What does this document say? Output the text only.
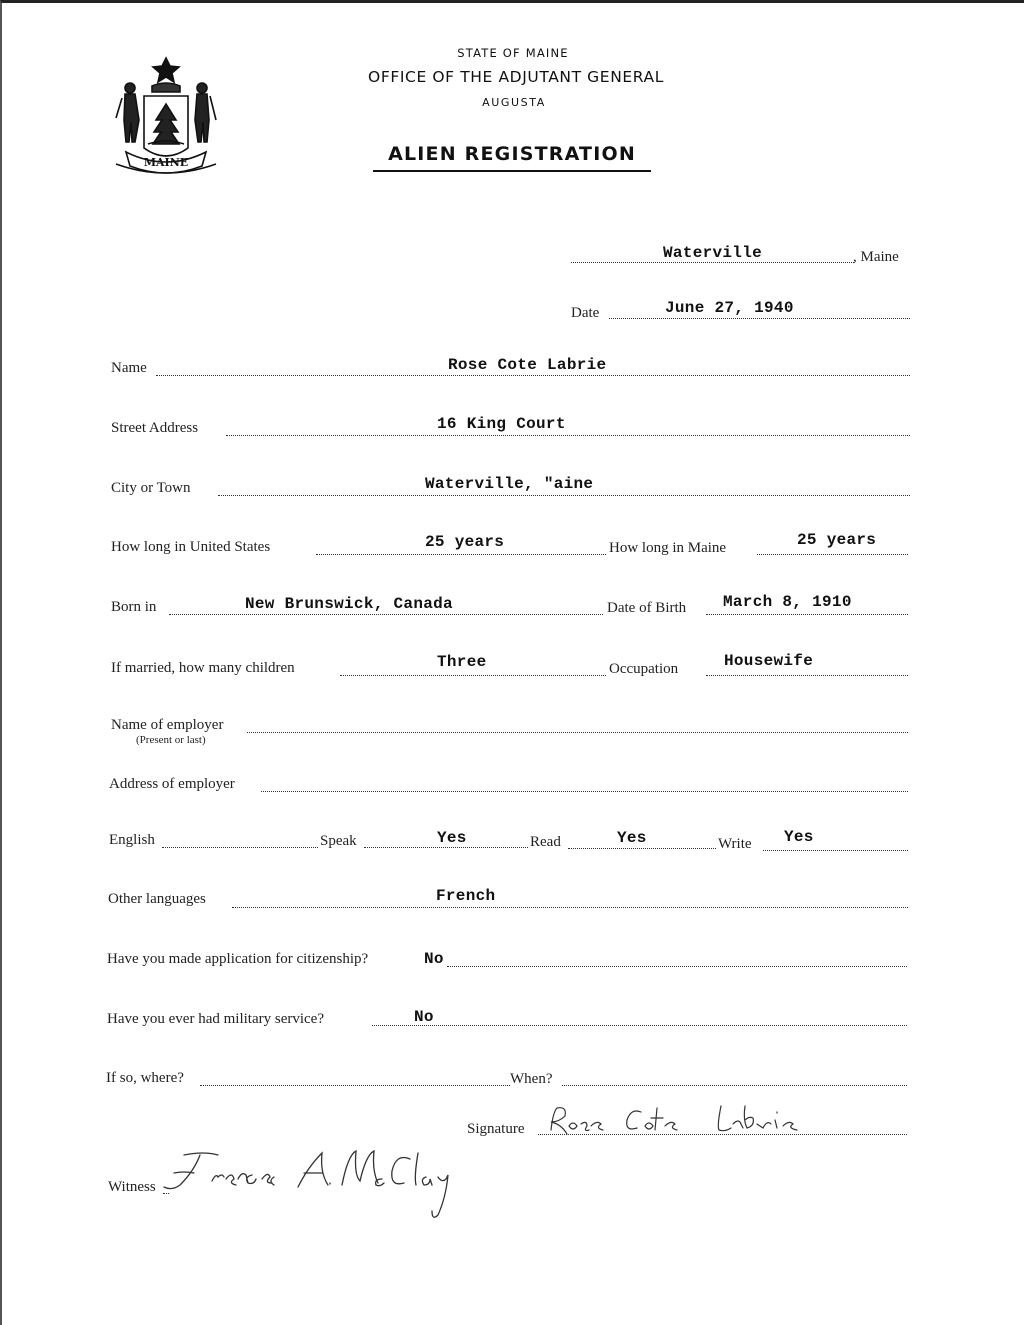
MAINE
STATE OF MAINE
OFFICE OF THE ADJUTANT GENERAL
AUGUSTA
ALIEN REGISTRATION
Waterville	, Maine
Date	June 27, 1940
Name	Rose Cote Labrie
Street Address	16 King Court
City or Town	Waterville, "aine
How long in United States	25 years	How long in Maine	25 years
Born in	New Brunswick, Canada	Date of Birth March 8, 1910
If married, how many children	Three	Occupation	Housewife
Name of employer
(Present or last)
Address of employer
English	Speak	Yes	Read	Yes	Write Yes
Other languages	French
Have you made application for citizenship?	No
Have you ever had military service?	No
If so, where?	When?
Signature
Witness
